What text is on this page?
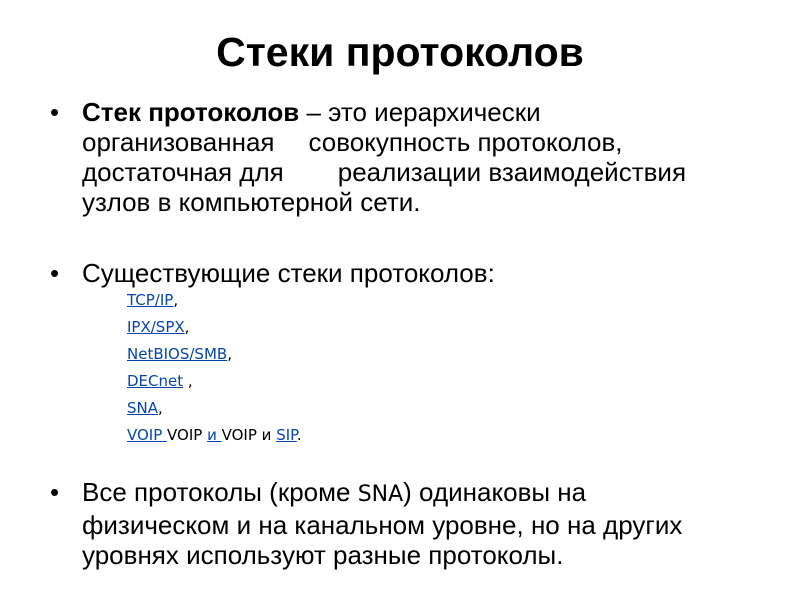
Стеки протоколов
• Стек протоколов – это иерархически
организованная совокупность протоколов,
достаточная для реализации взаимодействия
узлов в компьютерной сети.
• Существующие стеки протоколов:
TCP/IP,
IPX/SPX,
NetBIOS/SMB,
DECnet ,
SNA,
VOIP VOIP и VOIP и SIP.
• Все протоколы (кроме SNA) одинаковы на
физическом и на канальном уровне, но на других
уровнях используют разные протоколы.
